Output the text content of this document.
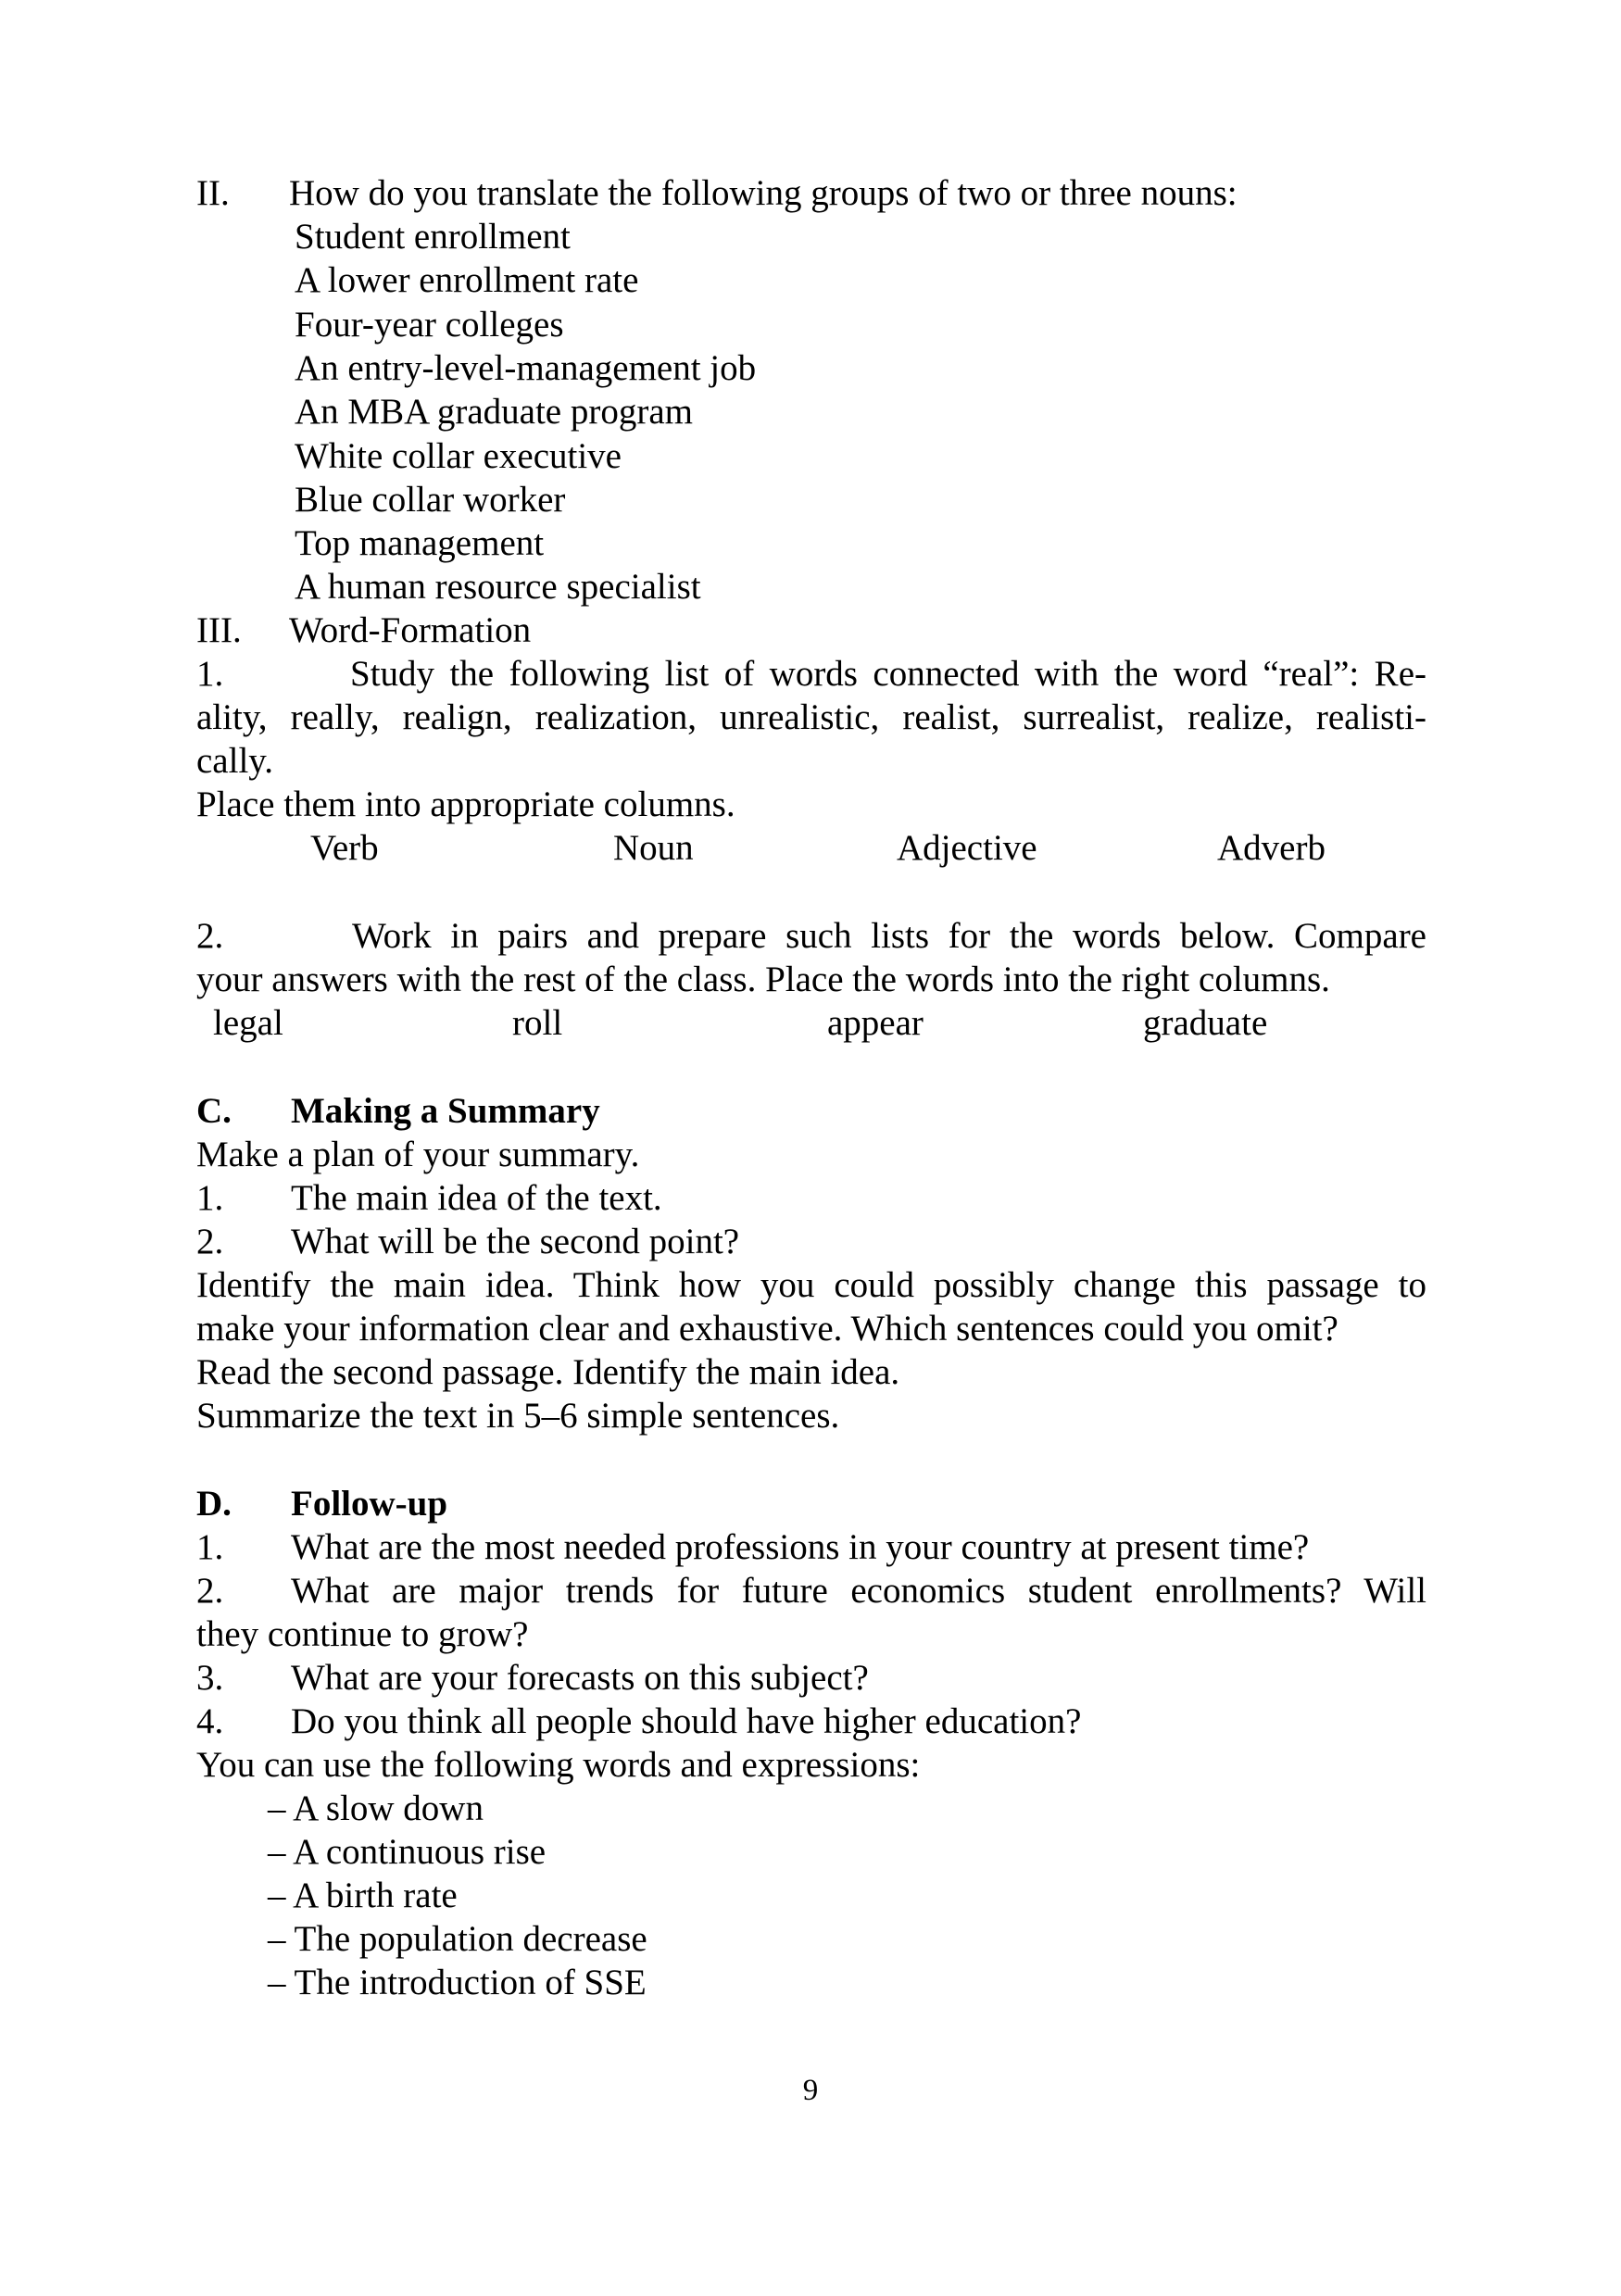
II. How do you translate the following groups of two or three nouns:
Student enrollment
A lower enrollment rate
Four-year colleges
An entry-level-management job
An MBA graduate program
White collar executive
Blue collar worker
Top management
A human resource specialist
III. Word-Formation
1.	Study the following list of words connected with the word “real”: Re-
ality, really, realign, realization, unrealistic, realist, surrealist, realize, realisti-
cally.
Place them into appropriate columns.
Verb	Noun	Adjective	Adverb
2.	Work in pairs and prepare such lists for the words below. Compare
your answers with the rest of the class. Place the words into the right columns.
legal	roll	appear	graduate
C. Making a Summary
Make a plan of your summary.
1. The main idea of the text.
2. What will be the second point?
Identify the main idea. Think how you could possibly change this passage to
make your information clear and exhaustive. Which sentences could you omit?
Read the second passage. Identify the main idea.
Summarize the text in 5–6 simple sentences.
D. Follow-up
1. What are the most needed professions in your country at present time?
2. What are major trends for future economics student enrollments? Will
they continue to grow?
3. What are your forecasts on this subject?
4. Do you think all people should have higher education?
You can use the following words and expressions:
– A slow down
– A continuous rise
– A birth rate
– The population decrease
– The introduction of SSE
9
